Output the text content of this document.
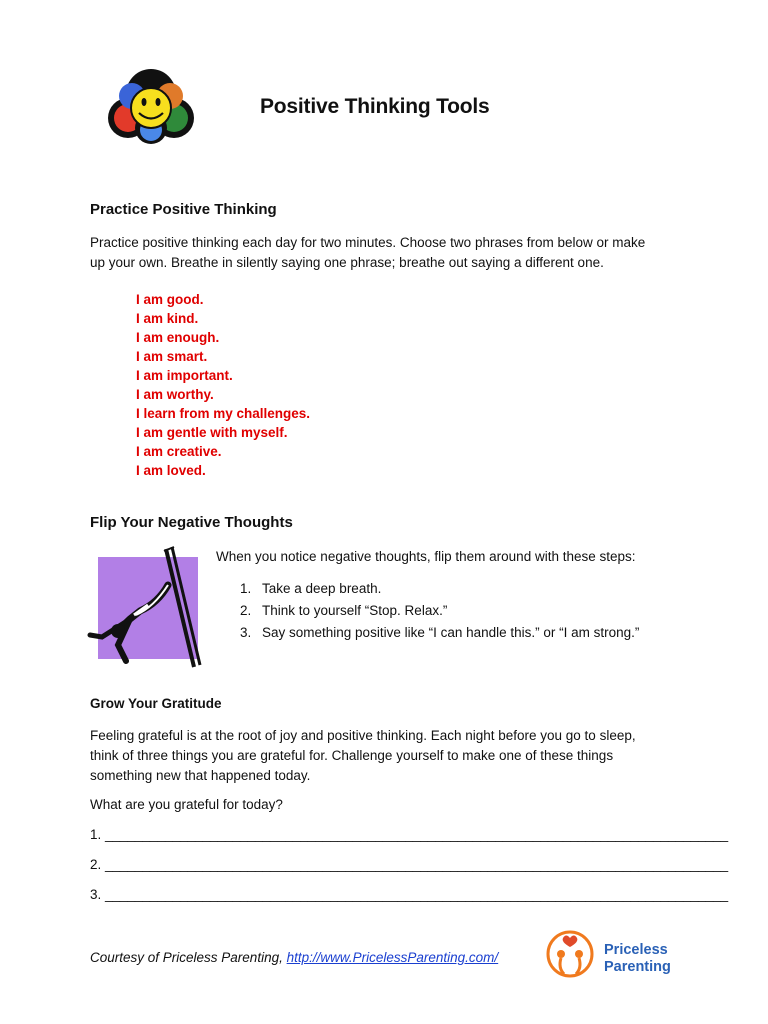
Positive Thinking Tools
Practice Positive Thinking
Practice positive thinking each day for two minutes. Choose two phrases from below or make
up your own. Breathe in silently saying one phrase; breathe out saying a different one.
I am good.
I am kind.
I am enough.
I am smart.
I am important.
I am worthy.
I learn from my challenges.
I am gentle with myself.
I am creative.
I am loved.
Flip Your Negative Thoughts
When you notice negative thoughts, flip them around with these steps:
1. Take a deep breath.
2. Think to yourself “Stop. Relax.”
3. Say something positive like “I can handle this.” or “I am strong.”
Grow Your Gratitude
Feeling grateful is at the root of joy and positive thinking. Each night before you go to sleep,
think of three things you are grateful for. Challenge yourself to make one of these things
something new that happened today.
What are you grateful for today?
1. ___________________________________________________________________________________
2. ___________________________________________________________________________________
3. ___________________________________________________________________________________
Courtesy of Priceless Parenting, http://www.PricelessParenting.com/	Priceless
Parenting
